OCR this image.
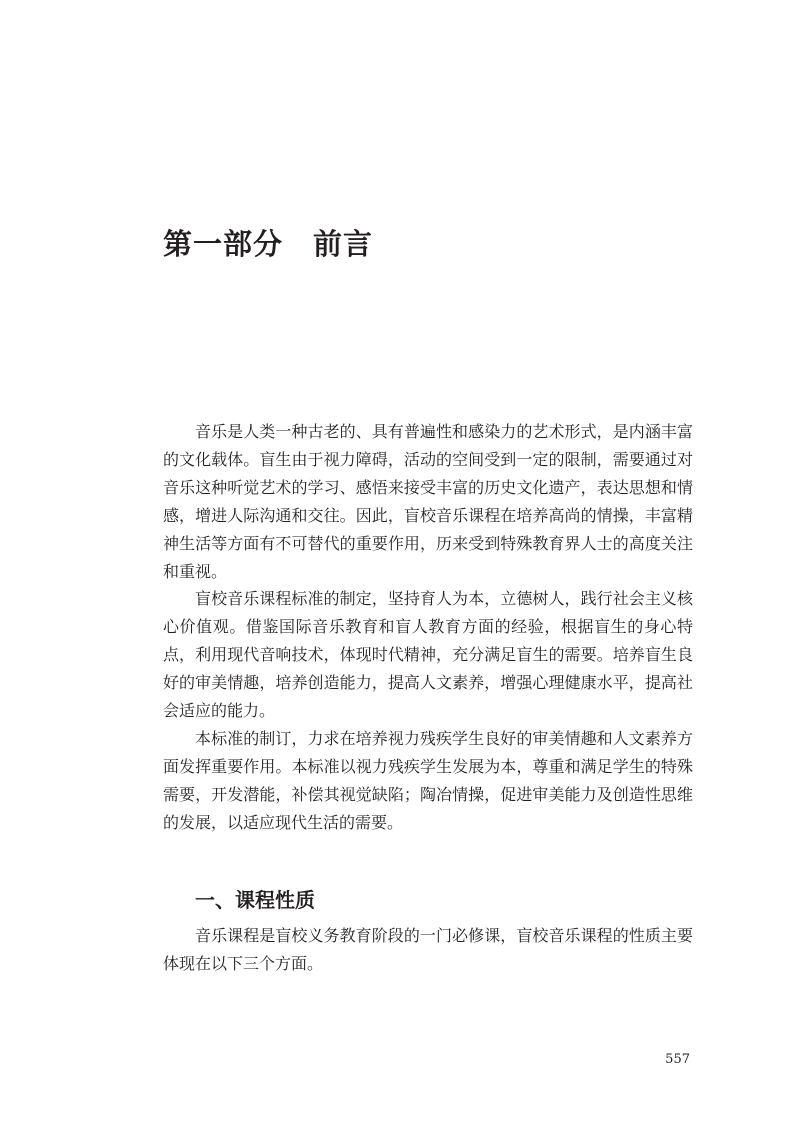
第一部分　前言

音乐是人类一种古老的、具有普遍性和感染力的艺术形式，是内涵丰富的文化载体。盲生由于视力障碍，活动的空间受到一定的限制，需要通过对音乐这种听觉艺术的学习、感悟来接受丰富的历史文化遗产，表达思想和情感，增进人际沟通和交往。因此，盲校音乐课程在培养高尚的情操，丰富精神生活等方面有不可替代的重要作用，历来受到特殊教育界人士的高度关注和重视。

盲校音乐课程标准的制定，坚持育人为本，立德树人，践行社会主义核心价值观。借鉴国际音乐教育和盲人教育方面的经验，根据盲生的身心特点，利用现代音响技术，体现时代精神，充分满足盲生的需要。培养盲生良好的审美情趣，培养创造能力，提高人文素养，增强心理健康水平，提高社会适应的能力。

本标准的制订，力求在培养视力残疾学生良好的审美情趣和人文素养方面发挥重要作用。本标准以视力残疾学生发展为本，尊重和满足学生的特殊需要，开发潜能，补偿其视觉缺陷；陶冶情操，促进审美能力及创造性思维的发展，以适应现代生活的需要。

一、课程性质

音乐课程是盲校义务教育阶段的一门必修课，盲校音乐课程的性质主要体现在以下三个方面。

557
